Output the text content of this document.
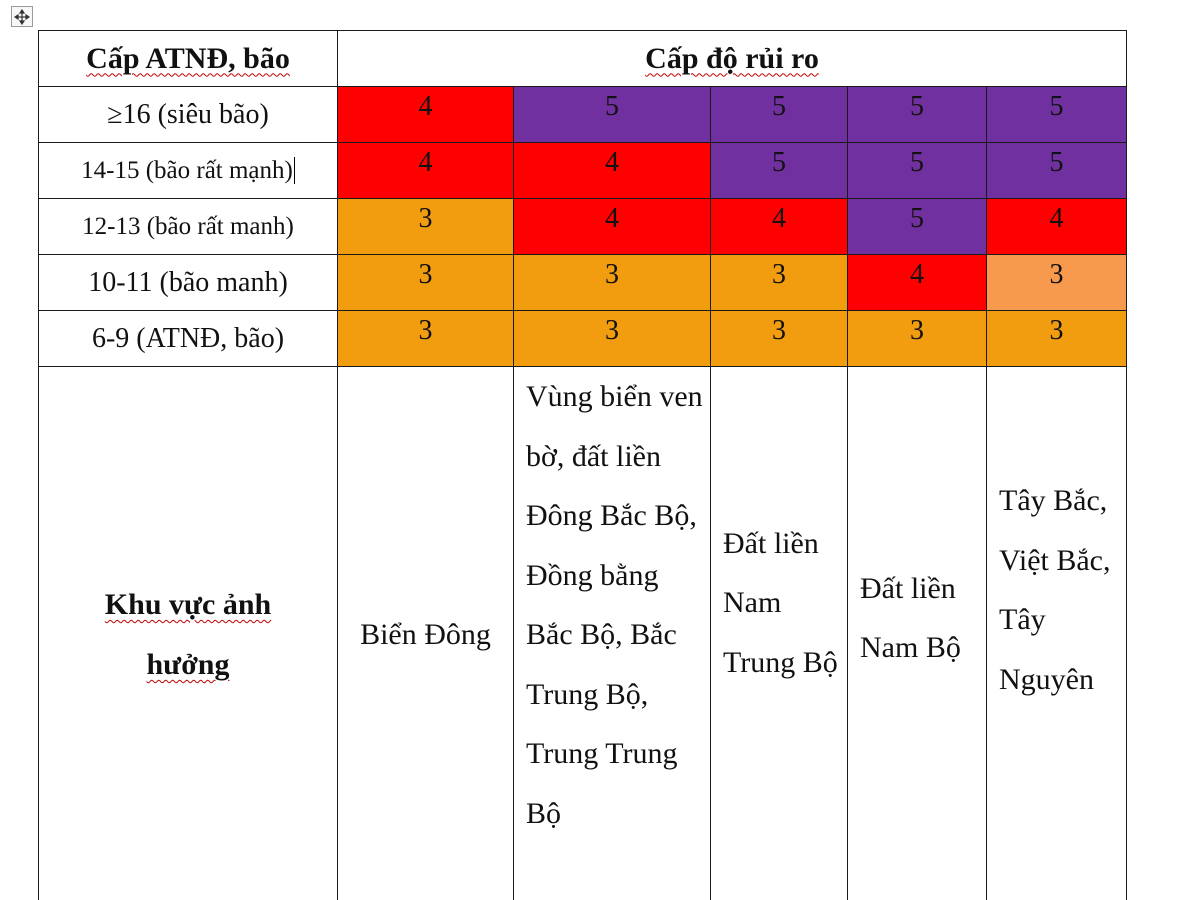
Cấp ATNĐ, bão	Cấp độ rủi ro				
≥16 (siêu bão)	4	5	5	5	5
14-15 (bão rất mạnh)	4	4	5	5	5
12-13 (bão rất manh)	3	4	4	5	4
10-11 (bão manh)	3	3	3	4	3
6-9 (ATNĐ, bão)	3	3	3	3	3
Khu vực ảnh hưởng	Biển Đông	Vùng biển ven bờ, đất liền Đông Bắc Bộ, Đồng bằng Bắc Bộ, Bắc Trung Bộ, Trung Trung Bộ	Đất liền Nam Trung Bộ	Đất liền Nam Bộ	Tây Bắc, Việt Bắc, Tây Nguyên
